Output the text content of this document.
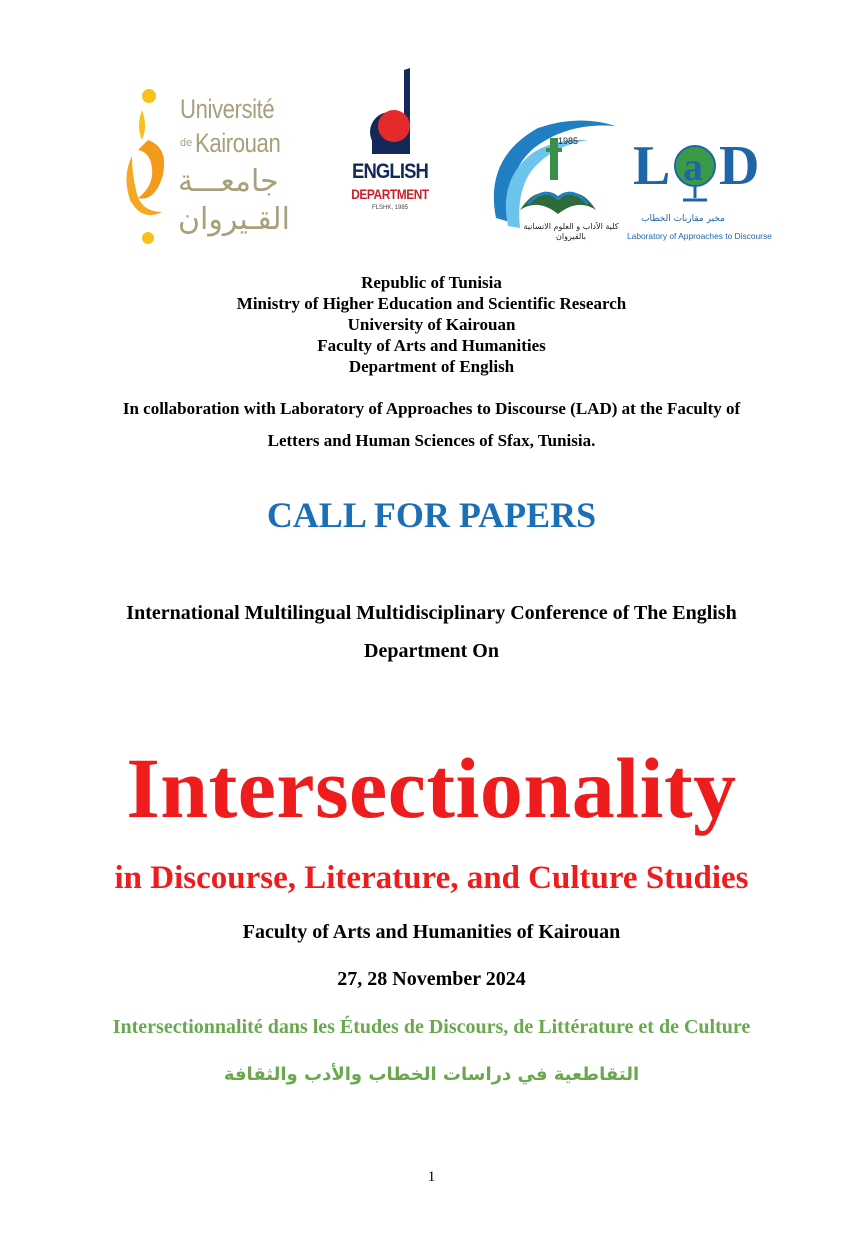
Université
de Kairouan
جامعـــة
القـيروان
ENGLISH
DEPARTMENT
FLSHK, 1985
1985
كلية الآداب و العلوم الانسانية بالقيروان
L a D
مخبر مقاربات الخطاب
Laboratory of Approaches to Discourse
Republic of Tunisia
Ministry of Higher Education and Scientific Research
University of Kairouan
Faculty of Arts and Humanities
Department of English
In collaboration with Laboratory of Approaches to Discourse (LAD) at the Faculty of
Letters and Human Sciences of Sfax, Tunisia.
CALL FOR PAPERS
International Multilingual Multidisciplinary Conference of The English
Department On
Intersectionality
in Discourse, Literature, and Culture Studies
Faculty of Arts and Humanities of Kairouan
27, 28 November 2024
Intersectionnalité dans les Études de Discours, de Littérature et de Culture
التقاطعية في دراسات الخطاب والأدب والثقافة
1
